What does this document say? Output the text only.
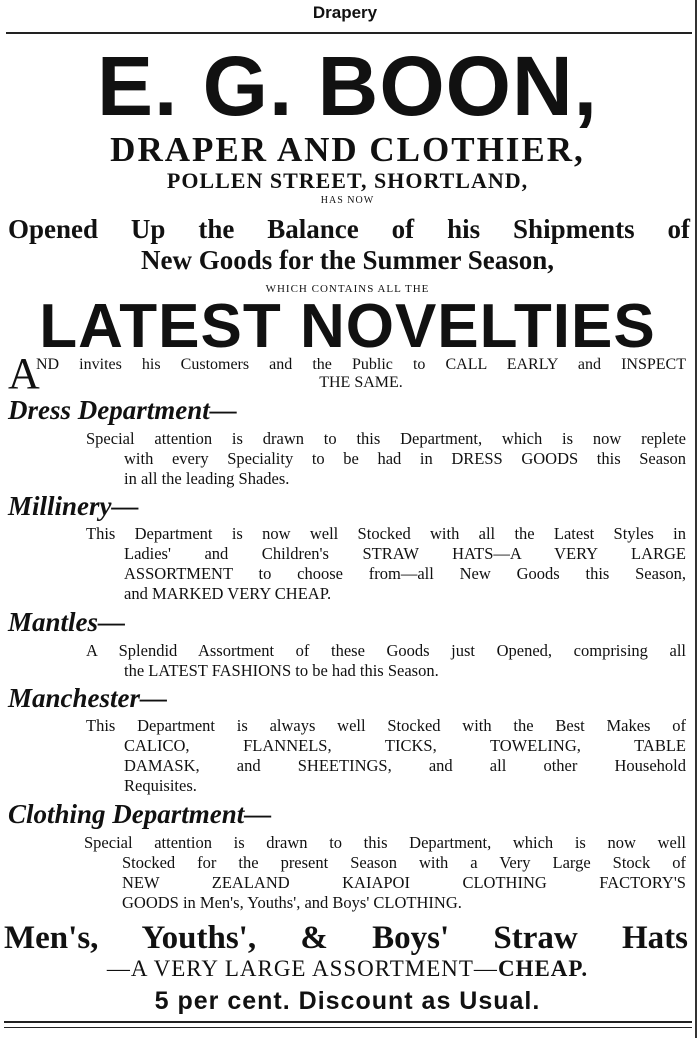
Drapery
E. G. BOON,
DRAPER AND CLOTHIER,
POLLEN STREET, SHORTLAND,
HAS NOW
Opened Up the Balance of his Shipments of
New Goods for the Summer Season,
WHICH CONTAINS ALL THE
LATEST NOVELTIES
A
ND invites his Customers and the Public to CALL EARLY and INSPECT
THE SAME.
Dress Department—
Special attention is drawn to this Department, which is now replete
with every Speciality to be had in DRESS GOODS this Season
in all the leading Shades.
Millinery—
This Department is now well Stocked with all the Latest Styles in
Ladies' and Children's STRAW HATS—A VERY LARGE
ASSORTMENT to choose from—all New Goods this Season,
and MARKED VERY CHEAP.
Mantles—
A Splendid Assortment of these Goods just Opened, comprising all
the LATEST FASHIONS to be had this Season.
Manchester—
This Department is always well Stocked with the Best Makes of
CALICO, FLANNELS, TICKS, TOWELING, TABLE
DAMASK, and SHEETINGS, and all other Household
Requisites.
Clothing Department—
Special attention is drawn to this Department, which is now well
Stocked for the present Season with a Very Large Stock of
NEW ZEALAND KAIAPOI CLOTHING FACTORY'S
GOODS in Men's, Youths', and Boys' CLOTHING.
Men's, Youths', & Boys' Straw Hats
—A VERY LARGE ASSORTMENT—CHEAP.
5 per cent. Discount as Usual.
